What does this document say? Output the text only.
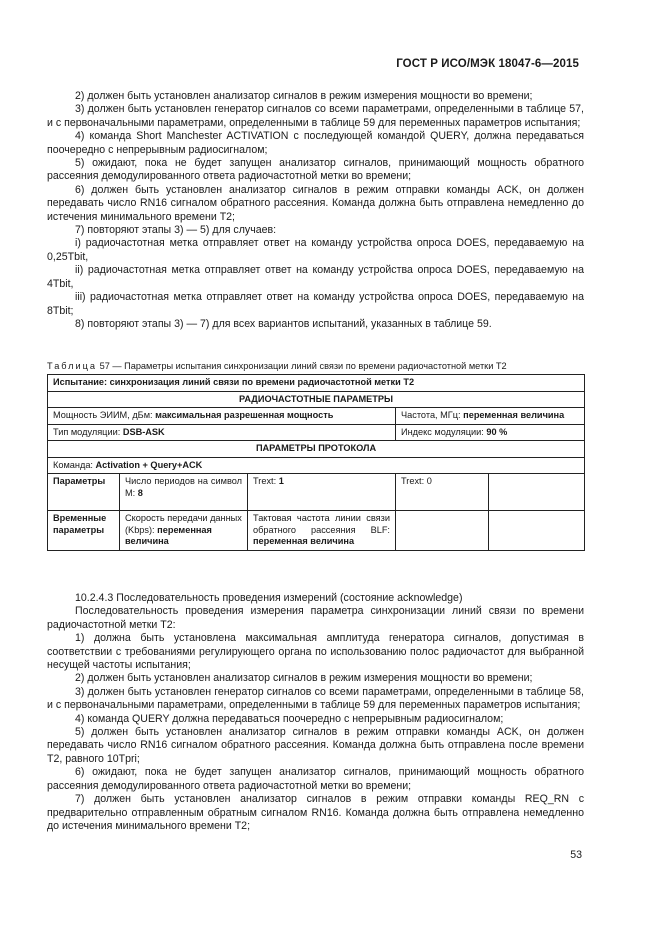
ГОСТ Р ИСО/МЭК 18047-6—2015

2) должен быть установлен анализатор сигналов в режим измерения мощности во времени;

3) должен быть установлен генератор сигналов со всеми параметрами, определенными в таблице 57, и с первоначальными параметрами, определенными в таблице 59 для переменных параметров испытания;

4) команда Short Manchester ACTIVATION с последующей командой QUERY, должна передаваться поочередно с непрерывным радиосигналом;

5) ожидают, пока не будет запущен анализатор сигналов, принимающий мощность обратного рассеяния демодулированного ответа радиочастотной метки во времени;

6) должен быть установлен анализатор сигналов в режим отправки команды ACK, он должен передавать число RN16 сигналом обратного рассеяния. Команда должна быть отправлена немедленно до истечения минимального времени T2;

7) повторяют этапы 3) — 5) для случаев:

i) радиочастотная метка отправляет ответ на команду устройства опроса DOES, передаваемую на 0,25Tbit,

ii) радиочастотная метка отправляет ответ на команду устройства опроса DOES, передаваемую на 4Tbit,

iii) радиочастотная метка отправляет ответ на команду устройства опроса DOES, передаваемую на 8Tbit;

8) повторяют этапы 3) — 7) для всех вариантов испытаний, указанных в таблице 59.

Таблица 57 — Параметры испытания синхронизации линий связи по времени радиочастотной метки Т2
Испытание: синхронизация линий связи по времени радиочастотной метки Т2				
РАДИОЧАСТОТНЫЕ ПАРАМЕТРЫ				
Мощность ЭИИМ, дБм: максимальная разрешенная мощность			Частота, МГц: переменная величина	
Тип модуляции: DSB-ASK			Индекс модуляции: 90 %	
ПАРАМЕТРЫ ПРОТОКОЛА				
Команда: Activation + Query+ACK				
Параметры	Число периодов на символ M: 8	Trext: 1	Trext: 0	
Временные параметры	Скорость передачи данных (Kbps): переменная величина	Тактовая частота линии связи обратного рассеяния BLF: переменная величина		

10.2.4.3 Последовательность проведения измерений (состояние acknowledge)

Последовательность проведения измерения параметра синхронизации линий связи по времени радиочастотной метки Т2:

1) должна быть установлена максимальная амплитуда генератора сигналов, допустимая в соответствии с требованиями регулирующего органа по использованию полос радиочастот для выбранной несущей частоты испытания;

2) должен быть установлен анализатор сигналов в режим измерения мощности во времени;

3) должен быть установлен генератор сигналов со всеми параметрами, определенными в таблице 58, и с первоначальными параметрами, определенными в таблице 59 для переменных параметров испытания;

4) команда QUERY должна передаваться поочередно с непрерывным радиосигналом;

5) должен быть установлен анализатор сигналов в режим отправки команды ACK, он должен передавать число RN16 сигналом обратного рассеяния. Команда должна быть отправлена после времени Т2, равного 10Tpri;

6) ожидают, пока не будет запущен анализатор сигналов, принимающий мощность обратного рассеяния демодулированного ответа радиочастотной метки во времени;

7) должен быть установлен анализатор сигналов в режим отправки команды REQ_RN с предварительно отправленным обратным сигналом RN16. Команда должна быть отправлена немедленно до истечения минимального времени Т2;

53
